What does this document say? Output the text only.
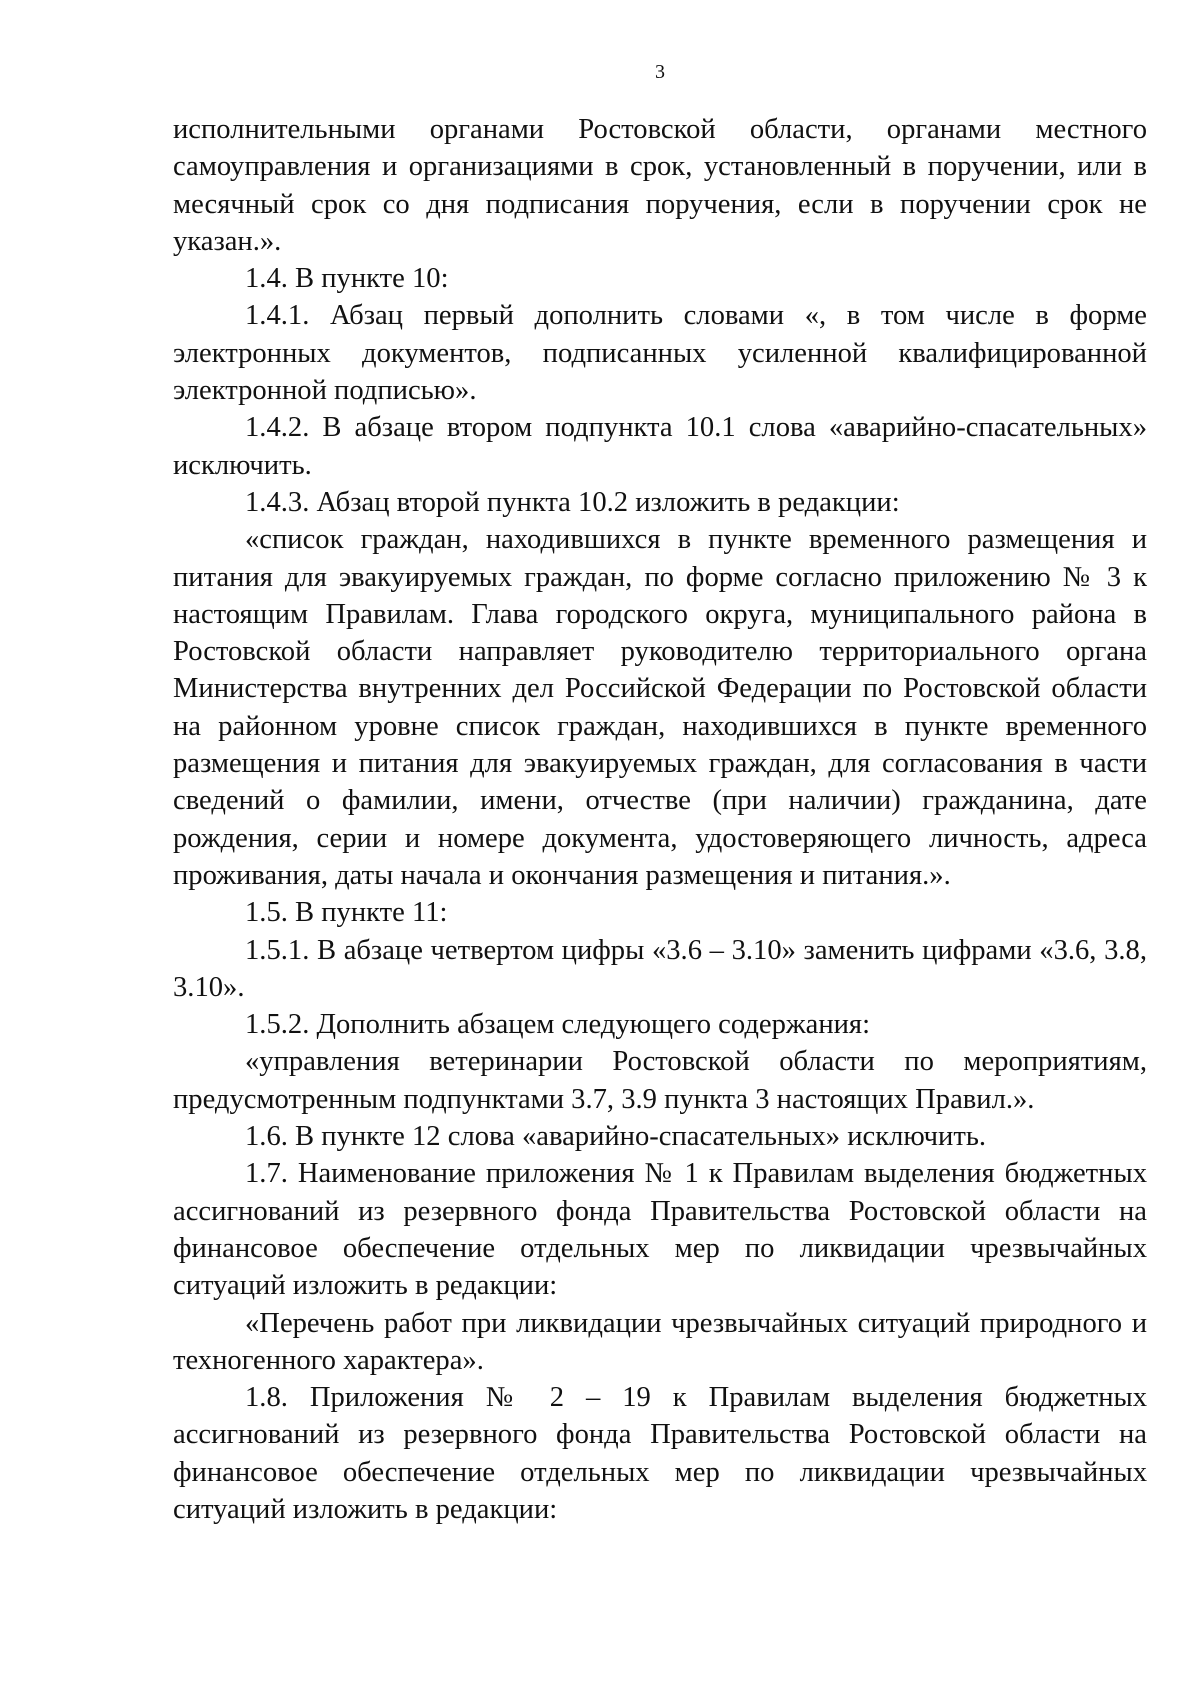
3

исполнительными органами Ростовской области, органами местного самоуправления и организациями в срок, установленный в поручении, или в месячный срок со дня подписания поручения, если в поручении срок не указан.».

1.4. В пункте 10:

1.4.1. Абзац первый дополнить словами «, в том числе в форме электронных документов, подписанных усиленной квалифицированной электронной подписью».

1.4.2. В абзаце втором подпункта 10.1 слова «аварийно-спасательных» исключить.

1.4.3. Абзац второй пункта 10.2 изложить в редакции:

«список граждан, находившихся в пункте временного размещения и питания для эвакуируемых граждан, по форме согласно приложению № 3 к настоящим Правилам. Глава городского округа, муниципального района в Ростовской области направляет руководителю территориального органа Министерства внутренних дел Российской Федерации по Ростовской области на районном уровне список граждан, находившихся в пункте временного размещения и питания для эвакуируемых граждан, для согласования в части сведений о фамилии, имени, отчестве (при наличии) гражданина, дате рождения, серии и номере документа, удостоверяющего личность, адреса проживания, даты начала и окончания размещения и питания.».

1.5. В пункте 11:

1.5.1. В абзаце четвертом цифры «3.6 – 3.10» заменить цифрами «3.6, 3.8, 3.10».

1.5.2. Дополнить абзацем следующего содержания:

«управления ветеринарии Ростовской области по мероприятиям, предусмотренным подпунктами 3.7, 3.9 пункта 3 настоящих Правил.».

1.6. В пункте 12 слова «аварийно-спасательных» исключить.

1.7. Наименование приложения № 1 к Правилам выделения бюджетных ассигнований из резервного фонда Правительства Ростовской области на финансовое обеспечение отдельных мер по ликвидации чрезвычайных ситуаций изложить в редакции:

«Перечень работ при ликвидации чрезвычайных ситуаций природного и техногенного характера».

1.8. Приложения № 2 – 19 к Правилам выделения бюджетных ассигнований из резервного фонда Правительства Ростовской области на финансовое обеспечение отдельных мер по ликвидации чрезвычайных ситуаций изложить в редакции:
